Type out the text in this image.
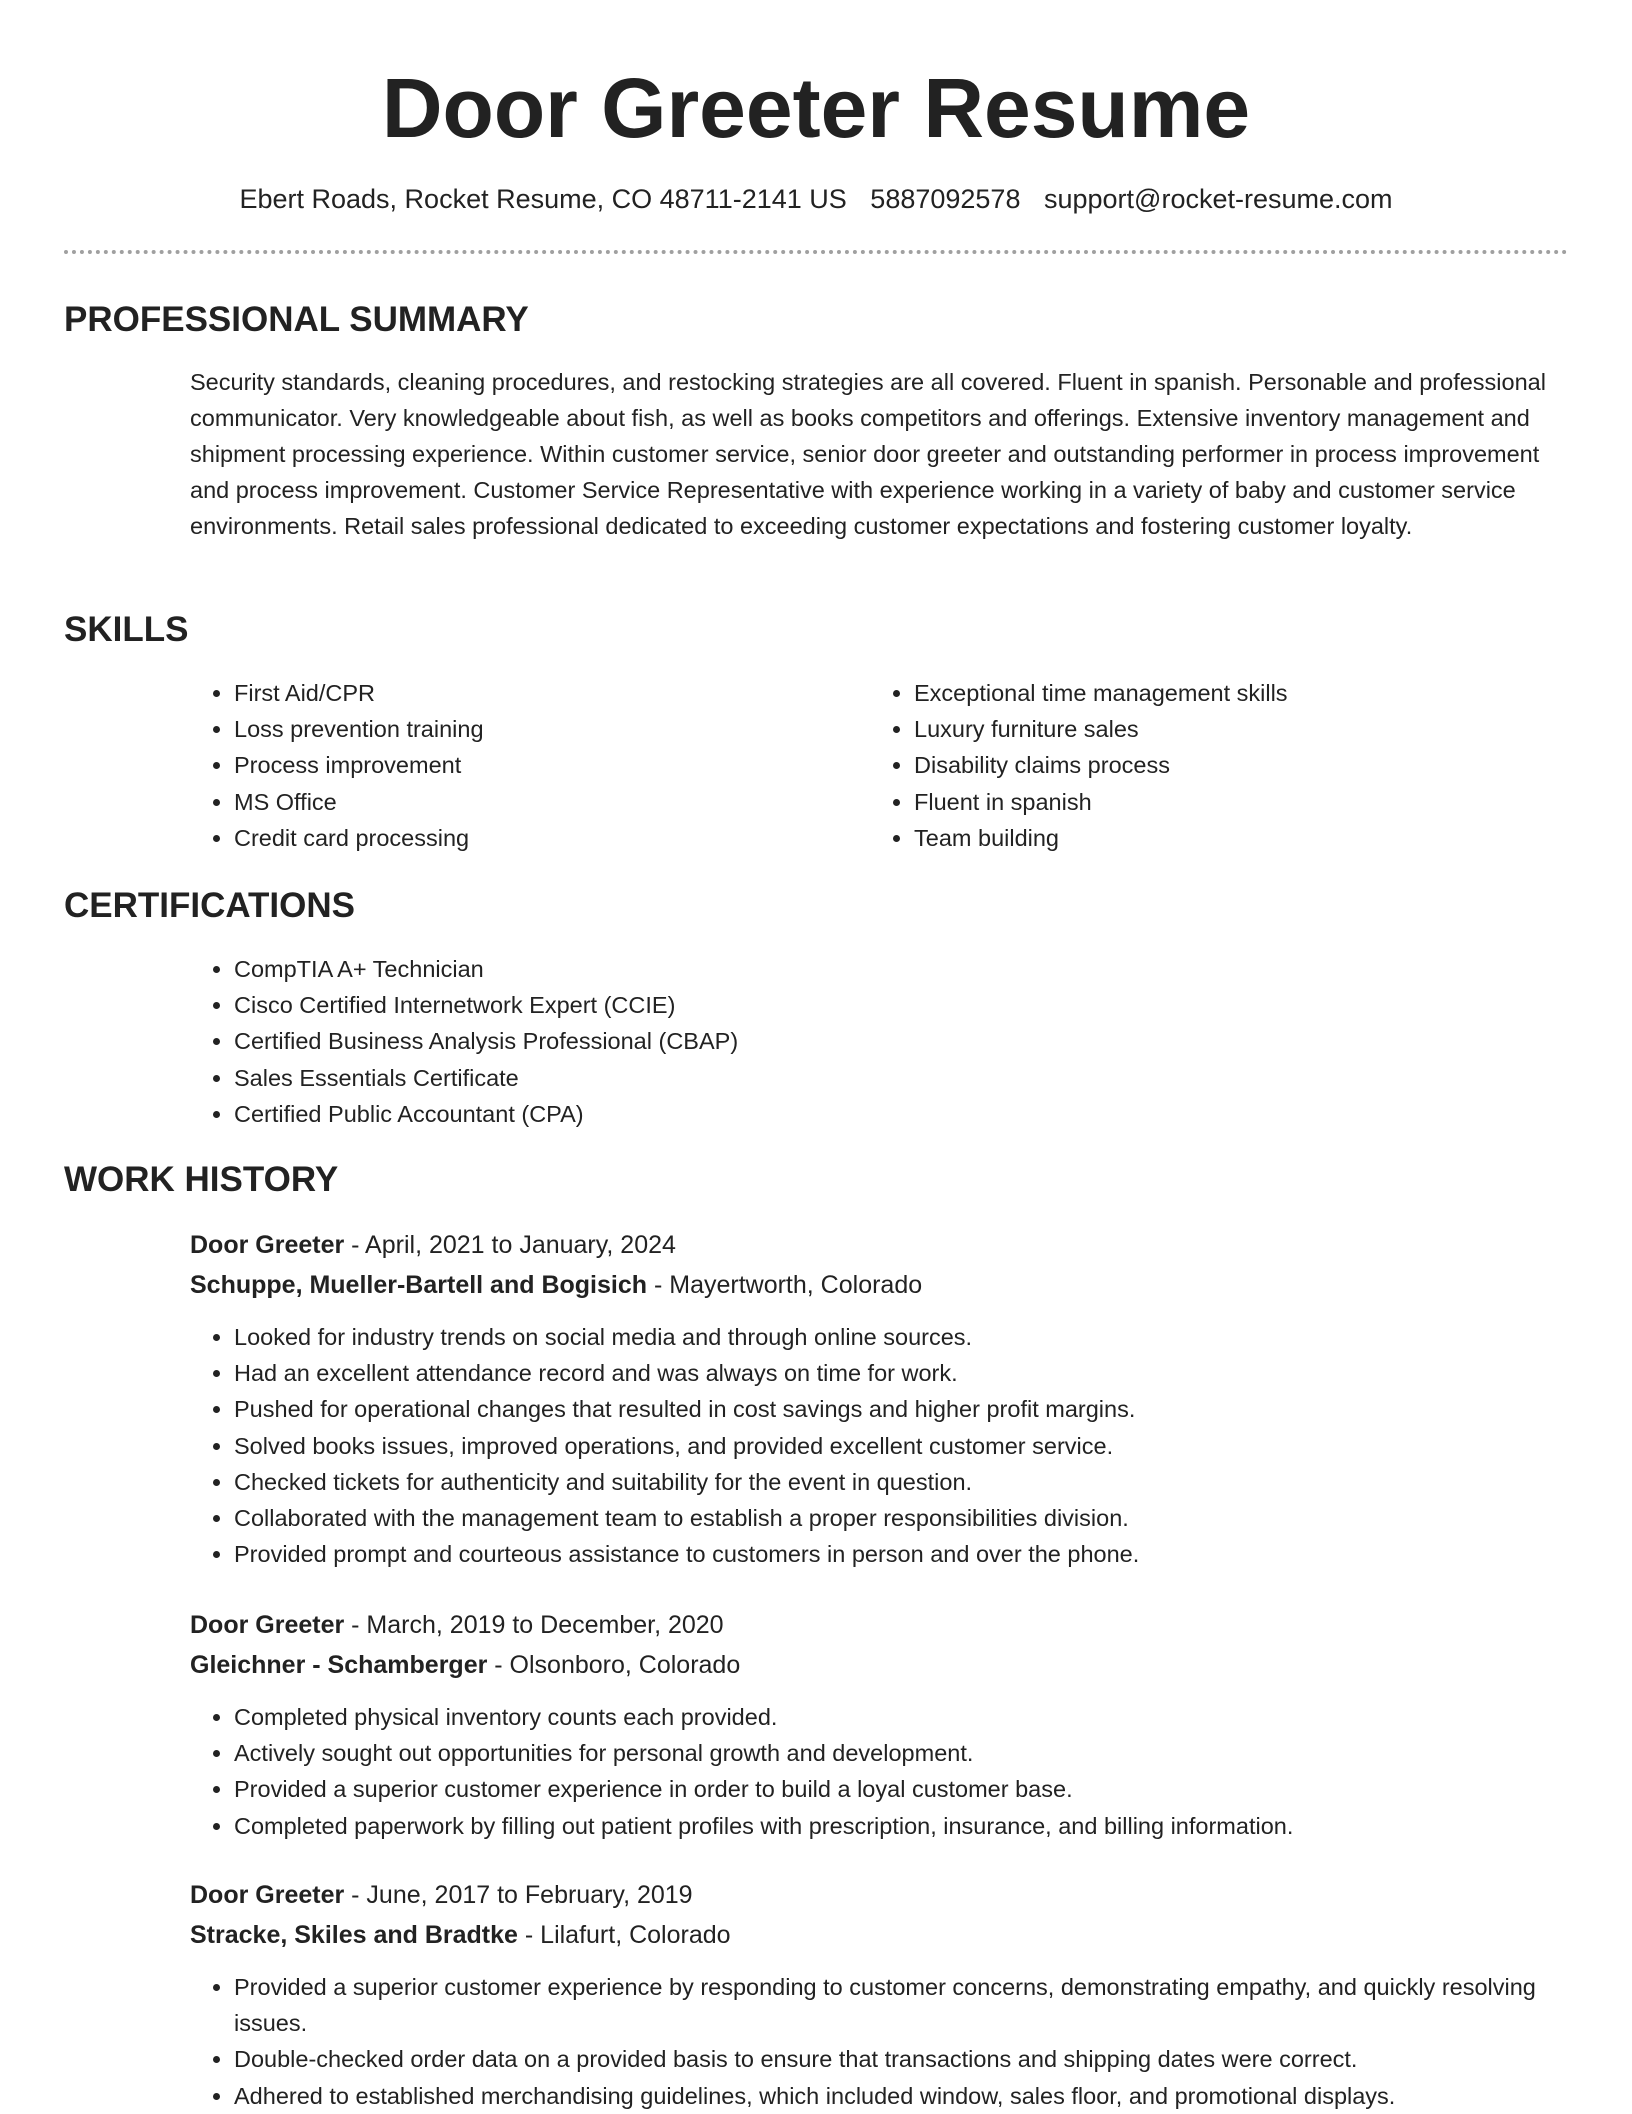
Door Greeter Resume
Ebert Roads, Rocket Resume, CO 48711-2141 US 5887092578 support@rocket-resume.com
PROFESSIONAL SUMMARY

Security standards, cleaning procedures, and restocking strategies are all covered. Fluent in spanish. Personable and professional communicator. Very knowledgeable about fish, as well as books competitors and offerings. Extensive inventory management and shipment processing experience. Within customer service, senior door greeter and outstanding performer in process improvement and process improvement. Customer Service Representative with experience working in a variety of baby and customer service environments. Retail sales professional dedicated to exceeding customer expectations and fostering customer loyalty.

SKILLS
• First Aid/CPR
• Loss prevention training
• Process improvement
• MS Office
• Credit card processing
• Exceptional time management skills
• Luxury furniture sales
• Disability claims process
• Fluent in spanish
• Team building
CERTIFICATIONS
• CompTIA A+ Technician
• Cisco Certified Internetwork Expert (CCIE)
• Certified Business Analysis Professional (CBAP)
• Sales Essentials Certificate
• Certified Public Accountant (CPA)
WORK HISTORY
Door Greeter - April, 2021 to January, 2024
Schuppe, Mueller-Bartell and Bogisich - Mayertworth, Colorado
• Looked for industry trends on social media and through online sources.
• Had an excellent attendance record and was always on time for work.
• Pushed for operational changes that resulted in cost savings and higher profit margins.
• Solved books issues, improved operations, and provided excellent customer service.
• Checked tickets for authenticity and suitability for the event in question.
• Collaborated with the management team to establish a proper responsibilities division.
• Provided prompt and courteous assistance to customers in person and over the phone.
Door Greeter - March, 2019 to December, 2020
Gleichner - Schamberger - Olsonboro, Colorado
• Completed physical inventory counts each provided.
• Actively sought out opportunities for personal growth and development.
• Provided a superior customer experience in order to build a loyal customer base.
• Completed paperwork by filling out patient profiles with prescription, insurance, and billing information.
Door Greeter - June, 2017 to February, 2019
Stracke, Skiles and Bradtke - Lilafurt, Colorado
• Provided a superior customer experience by responding to customer concerns, demonstrating empathy, and quickly resolving issues.
• Double-checked order data on a provided basis to ensure that transactions and shipping dates were correct.
• Adhered to established merchandising guidelines, which included window, sales floor, and promotional displays.
